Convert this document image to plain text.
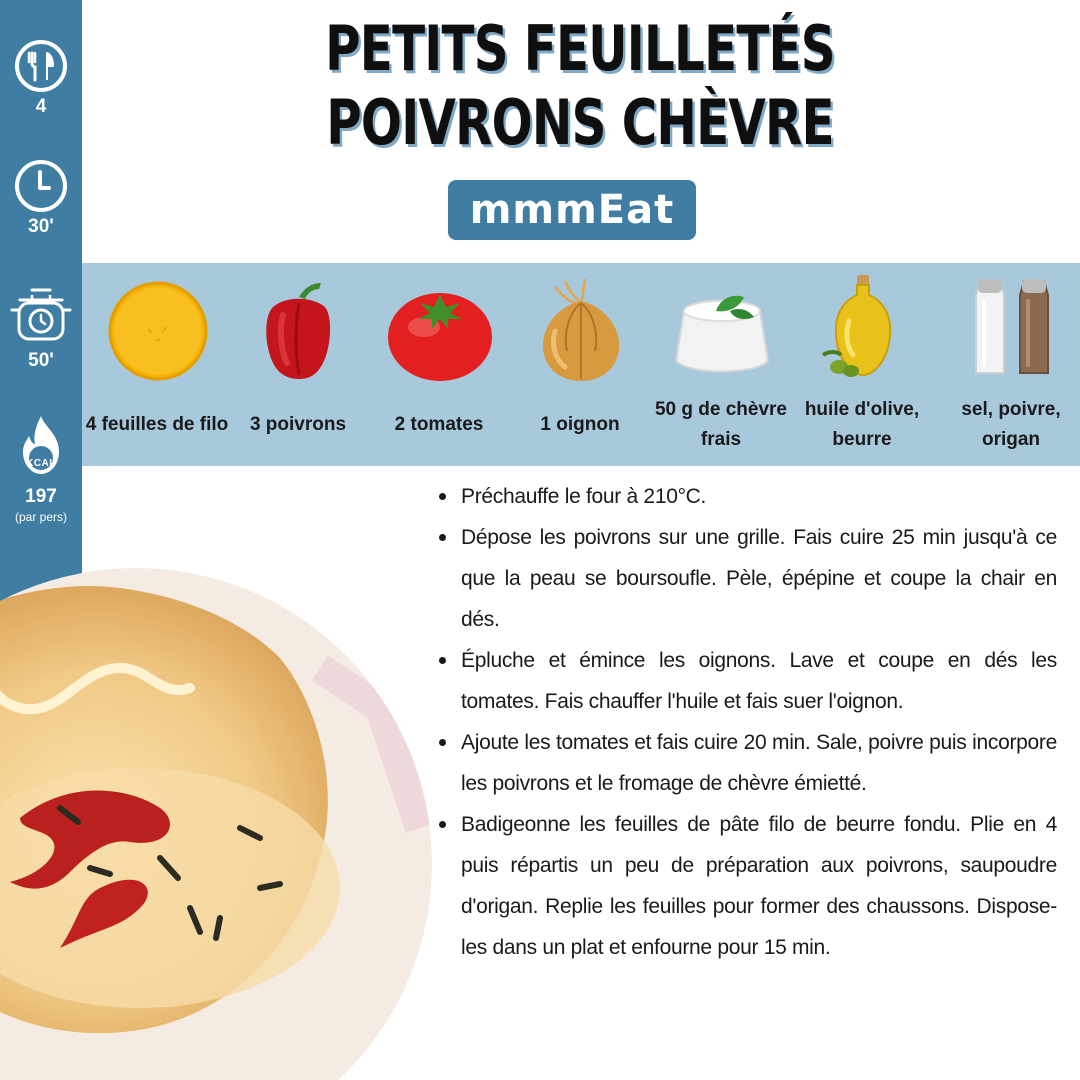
4
30'
50'
KCAL
197
(par pers)
PETITS FEUILLETÉS POIVRONS CHÈVRE
mmmEat
4 feuilles de filo	3 poivrons	2 tomates	1 oignon
50 g de chèvre frais
huile d'olive, beurre
sel, poivre, origan
Préchauffe le four à 210°C.
Dépose les poivrons sur une grille. Fais cuire 25 min jusqu'à ce que la peau se boursoufle. Pèle, épépine et coupe la chair en dés.
Épluche et émince les oignons. Lave et coupe en dés les tomates. Fais chauffer l'huile et fais suer l'oignon.
Ajoute les tomates et fais cuire 20 min. Sale, poivre puis incorpore les poivrons et le fromage de chèvre émietté.
Badigeonne les feuilles de pâte filo de beurre fondu. Plie en 4 puis répartis un peu de préparation aux poivrons, saupoudre d'origan. Replie les feuilles pour former des chaussons. Dispose-les dans un plat et enfourne pour 15 min.
